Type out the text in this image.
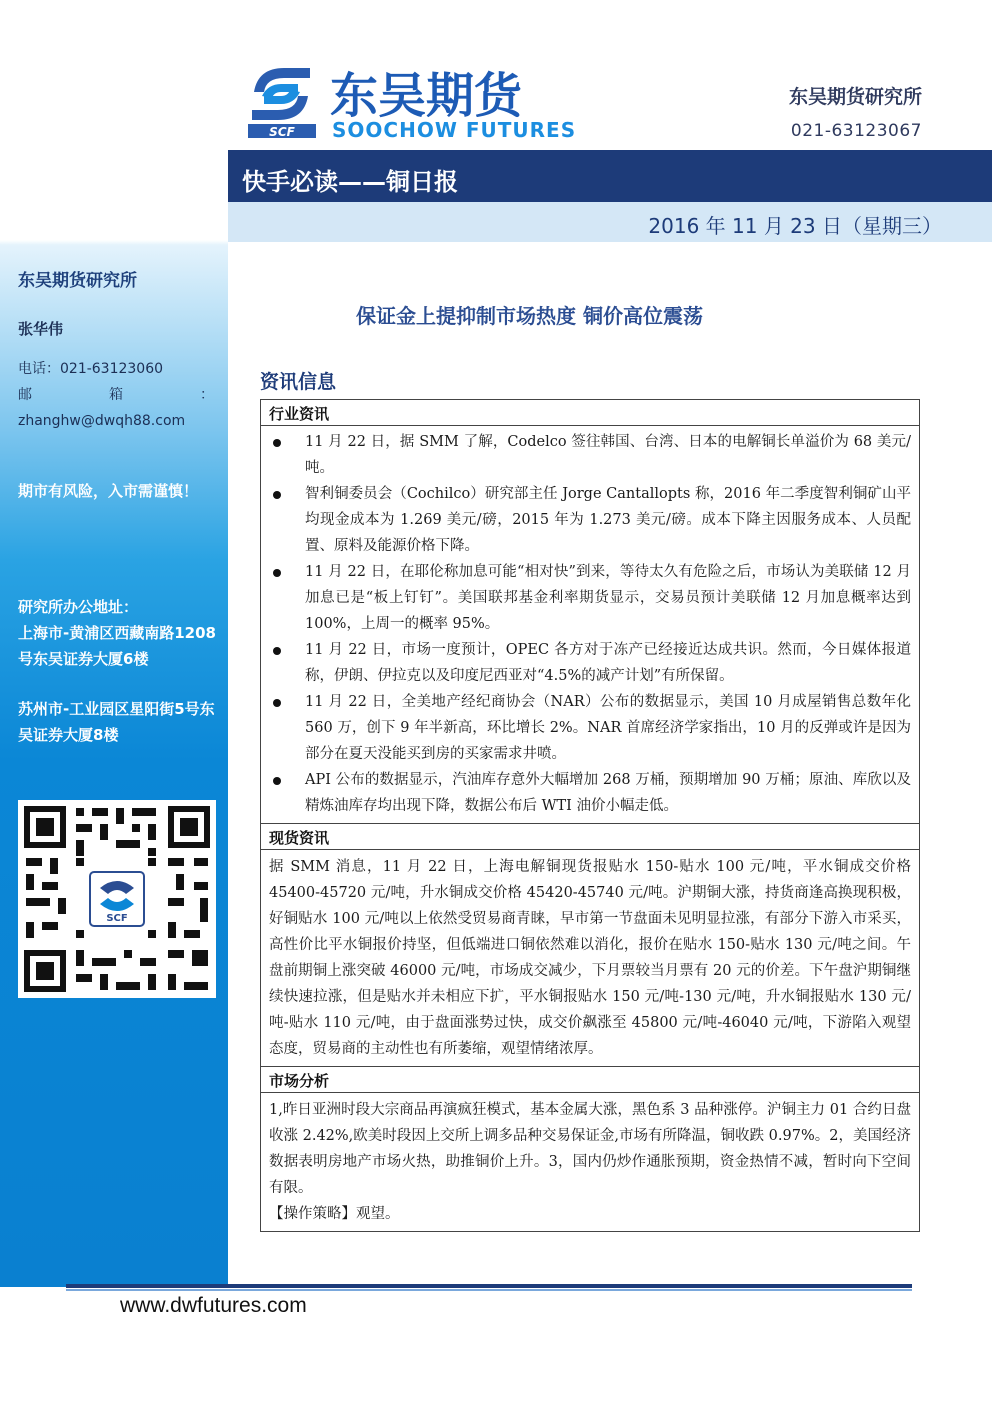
东吴期货研究所
张华伟
电话：021-63123060
邮	箱	：
zhanghw@dwqh88.com
期市有风险，入市需谨慎！

研究所办公地址：
上海市-黄浦区西藏南路1208号东吴证券大厦6楼

苏州市-工业园区星阳街5号东吴证券大厦8楼

SCF
SCF
东吴期货
SOOCHOW FUTURES
东吴期货研究所
021-63123067
快手必读——铜日报
2016 年 11 月 23 日（星期三）
保证金上提抑制市场热度 铜价高位震荡
资讯信息
行业资讯
11 月 22 日，据 SMM 了解，Codelco 签往韩国、台湾、日本的电解铜长单溢价为 68 美元/吨。
智利铜委员会（Cochilco）研究部主任 Jorge Cantallopts 称，2016 年二季度智利铜矿山平均现金成本为 1.269 美元/磅，2015 年为 1.273 美元/磅。成本下降主因服务成本、人员配置、原料及能源价格下降。
11 月 22 日，在耶伦称加息可能“相对快”到来，等待太久有危险之后，市场认为美联储 12 月加息已是“板上钉钉”。美国联邦基金利率期货显示，交易员预计美联储 12 月加息概率达到 100%，上周一的概率 95%。
11 月 22 日，市场一度预计，OPEC 各方对于冻产已经接近达成共识。然而，今日媒体报道称，伊朗、伊拉克以及印度尼西亚对“4.5%的减产计划”有所保留。
11 月 22 日，全美地产经纪商协会（NAR）公布的数据显示，美国 10 月成屋销售总数年化 560 万，创下 9 年半新高，环比增长 2%。NAR 首席经济学家指出，10 月的反弹或许是因为部分在夏天没能买到房的买家需求井喷。
API 公布的数据显示，汽油库存意外大幅增加 268 万桶，预期增加 90 万桶；原油、库欣以及精炼油库存均出现下降，数据公布后 WTI 油价小幅走低。
现货资讯

据 SMM 消息，11 月 22 日，上海电解铜现货报贴水 150-贴水 100 元/吨，平水铜成交价格 45400-45720 元/吨，升水铜成交价格 45420-45740 元/吨。沪期铜大涨，持货商逢高换现积极，好铜贴水 100 元/吨以上依然受贸易商青睐，早市第一节盘面未见明显拉涨，有部分下游入市采买，高性价比平水铜报价持坚，但低端进口铜依然难以消化，报价在贴水 150-贴水 130 元/吨之间。午盘前期铜上涨突破 46000 元/吨，市场成交减少，下月票较当月票有 20 元的价差。下午盘沪期铜继续快速拉涨，但是贴水并未相应下扩，平水铜报贴水 150 元/吨-130 元/吨，升水铜报贴水 130 元/吨-贴水 110 元/吨，由于盘面涨势过快，成交价飙涨至 45800 元/吨-46040 元/吨，下游陷入观望态度，贸易商的主动性也有所萎缩，观望情绪浓厚。

市场分析

1,昨日亚洲时段大宗商品再演疯狂模式，基本金属大涨，黑色系 3 品种涨停。沪铜主力 01 合约日盘收涨 2.42%,欧美时段因上交所上调多品种交易保证金,市场有所降温，铜收跌 0.97%。2，美国经济数据表明房地产市场火热，助推铜价上升。3，国内仍炒作通胀预期，资金热情不减，暂时向下空间有限。

【操作策略】观望。

www.dwfutures.com
